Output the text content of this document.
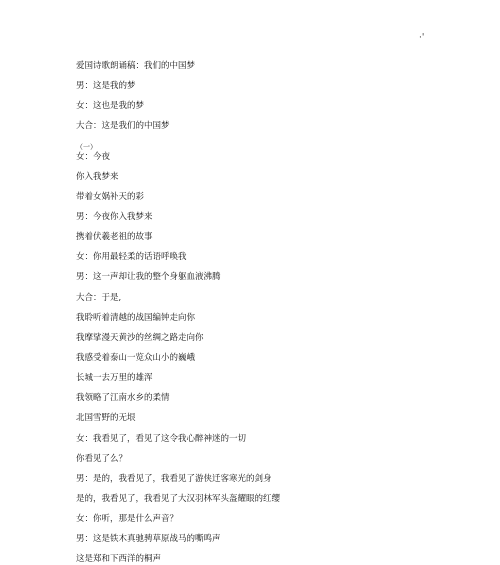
·'
爱国诗歌朗诵稿：我们的中国梦
男：这是我的梦
女：这也是我的梦
大合：这是我们的中国梦
（一）
女：今夜
你入我梦来
带着女娲补天的彩
男：今夜你入我梦来
携着伏羲老祖的故事
女：你用最轻柔的话语呼唤我
男：这一声却让我的整个身躯血液沸腾
大合：于是,
我聆听着清越的战国编钟走向你
我摩挲漫天黄沙的丝绸之路走向你
我感受着泰山一览众山小的巍峨
长城一去万里的雄浑
我领略了江南水乡的柔情
北国雪野的无垠
女：我看见了，看见了这令我心醉神迷的一切
你看见了么？
男：是的，我看见了，我看见了游侠迁客寒光的剑身
是的，我看见了，我看见了大汉羽林军头盔耀眼的红缨
女：你听，那是什么声音？
男：这是铁木真驰骋草原战马的嘶鸣声
这是郑和下西洋的桐声
